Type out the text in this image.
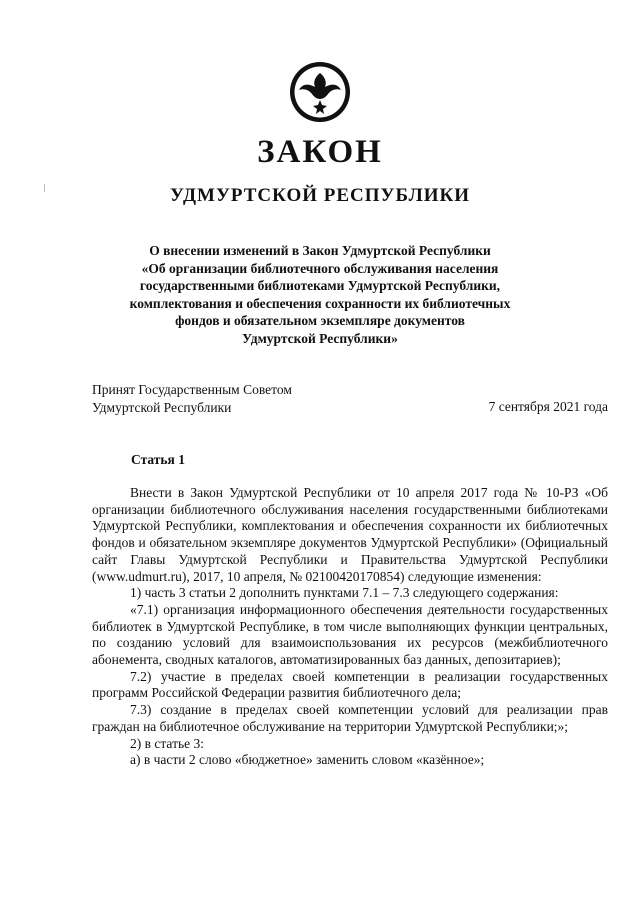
ЗАКОН
УДМУРТСКОЙ РЕСПУБЛИКИ
О внесении изменений в Закон Удмуртской Республики
«Об организации библиотечного обслуживания населения
государственными библиотеками Удмуртской Республики,
комплектования и обеспечения сохранности их библиотечных
фондов и обязательном экземпляре документов
Удмуртской Республики»
Принят Государственным Советом
Удмуртской Республики	7 сентября 2021 года
Статья 1

Внести в Закон Удмуртской Республики от 10 апреля 2017 года № 10-РЗ «Об организации библиотечного обслуживания населения государственными библиотеками Удмуртской Республики, комплектования и обеспечения сохранности их библиотечных фондов и обязательном экземпляре документов Удмуртской Республики» (Официальный сайт Главы Удмуртской Республики и Правительства Удмуртской Республики (www.udmurt.ru), 2017, 10 апреля, № 02100420170854) следующие изменения:

1) часть 3 статьи 2 дополнить пунктами 7.1 – 7.3 следующего содержания:

«7.1) организация информационного обеспечения деятельности государственных библиотек в Удмуртской Республике, в том числе выполняющих функции центральных, по созданию условий для взаимоиспользования их ресурсов (межбиблиотечного абонемента, сводных каталогов, автоматизированных баз данных, депозитариев);

7.2) участие в пределах своей компетенции в реализации государственных программ Российской Федерации развития библиотечного дела;

7.3) создание в пределах своей компетенции условий для реализации прав граждан на библиотечное обслуживание на территории Удмуртской Республики;»;

2) в статье 3:

а) в части 2 слово «бюджетное» заменить словом «казённое»;
